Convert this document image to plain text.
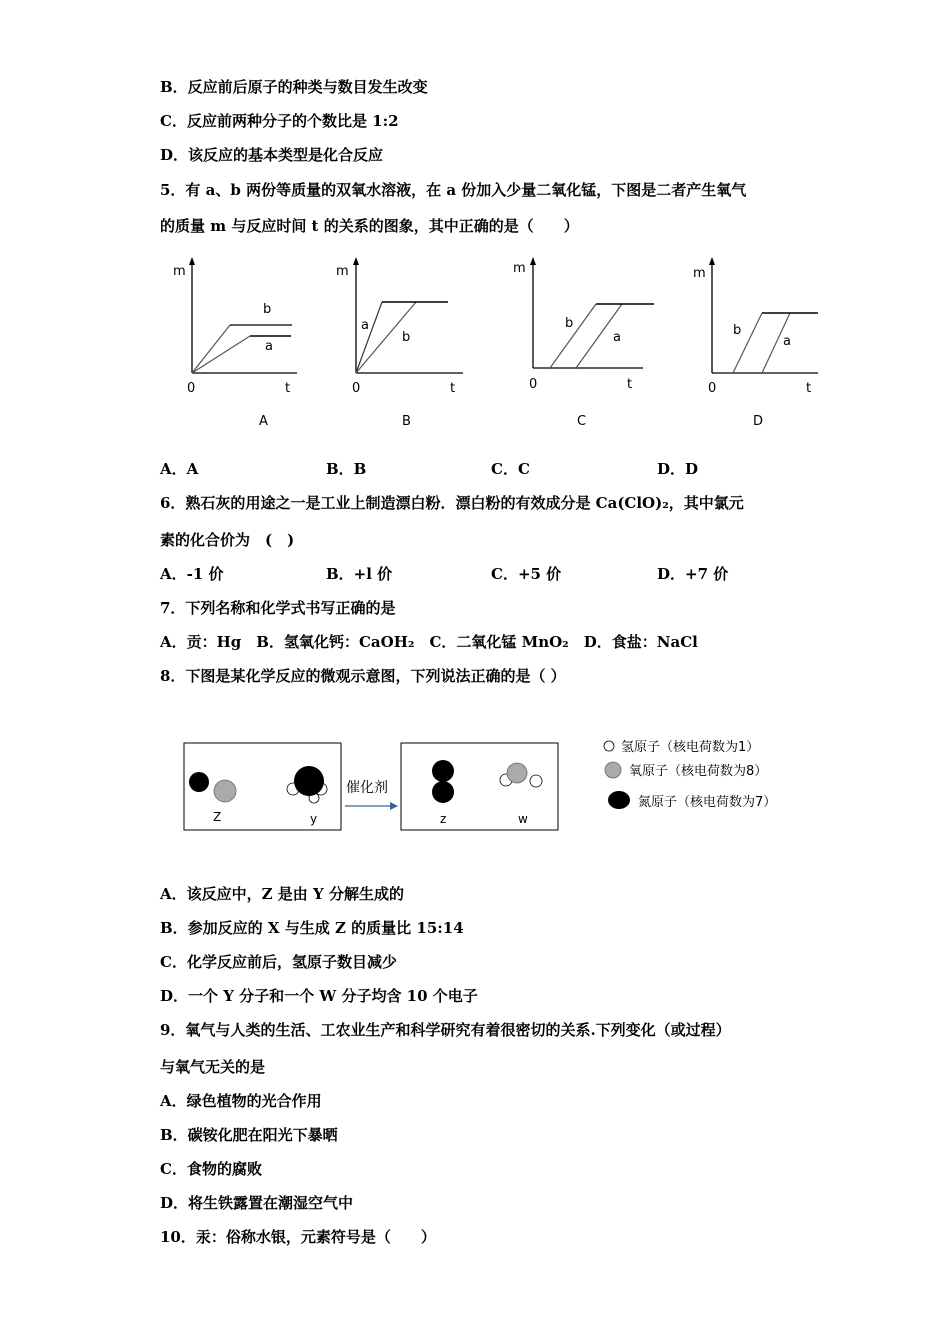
B．反应前后原子的种类与数目发生改变
C．反应前两种分子的个数比是 1:2
D．该反应的基本类型是化合反应
5．有 a、b 两份等质量的双氧水溶液，在 a 份加入少量二氧化锰，下图是二者产生氧气
的质量 m 与反应时间 t 的关系的图象，其中正确的是（　　）
m
0	t
b
a
A
m
0	t
a
b
B
m
0	t
b
a
C
m
0	t
b
a
D
A．A	B．B	C．C	D．D
6．熟石灰的用途之一是工业上制造漂白粉．漂白粉的有效成分是 Ca(ClO)₂，其中氯元
素的化合价为　(　)
A．-1 价	B．+l 价	C．+5 价	D．+7 价
7．下列名称和化学式书写正确的是
A．贡：Hg　B．氢氧化钙：CaOH₂　C．二氧化锰 MnO₂　D．食盐：NaCl
8．下图是某化学反应的微观示意图，下列说法正确的是（ ）
Z	y
催化剂
z	w
氢原子（核电荷数为1）
氧原子（核电荷数为8）
氮原子（核电荷数为7）
A．该反应中，Z 是由 Y 分解生成的
B．参加反应的 X 与生成 Z 的质量比 15:14
C．化学反应前后，氢原子数目减少
D．一个 Y 分子和一个 W 分子均含 10 个电子
9．氧气与人类的生活、工农业生产和科学研究有着很密切的关系.下列变化（或过程）
与氧气无关的是
A．绿色植物的光合作用
B．碳铵化肥在阳光下暴晒
C．食物的腐败
D．将生铁露置在潮湿空气中
10．汞：俗称水银，元素符号是（　　）
